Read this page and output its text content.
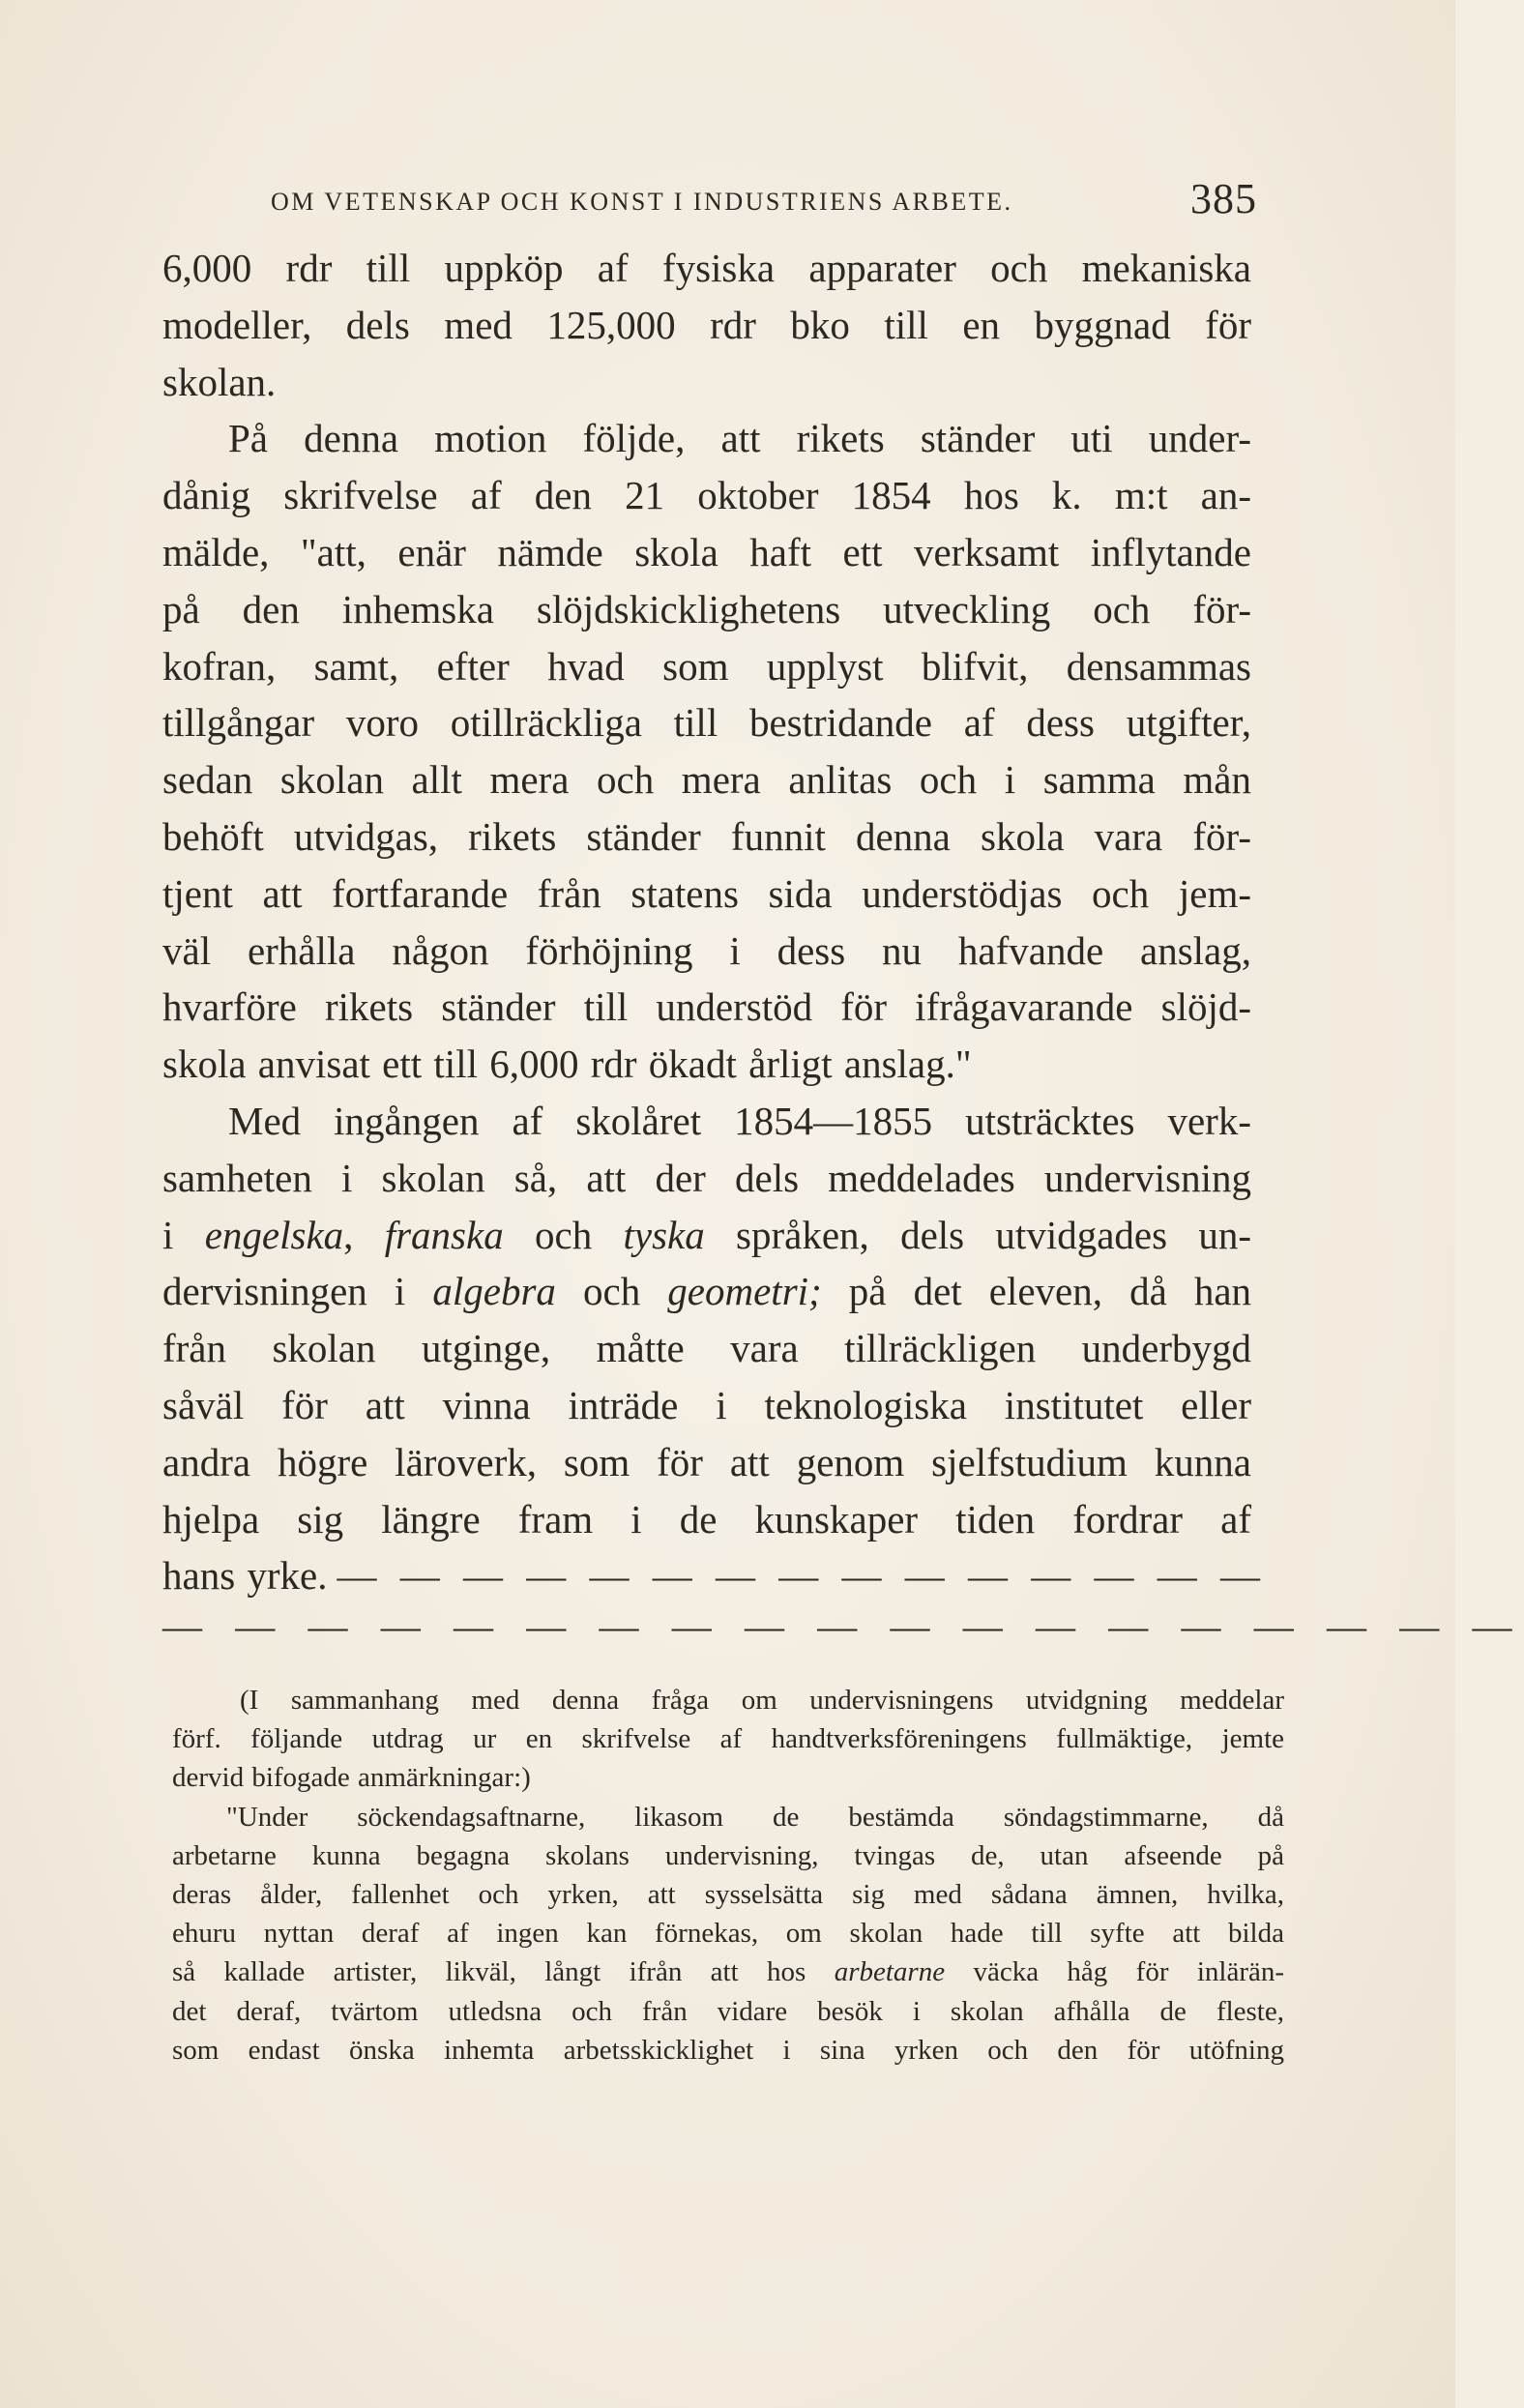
OM VETENSKAP OCH KONST I INDUSTRIENS ARBETE.	385
6,000 rdr till uppköp af fysiska apparater och mekaniska
modeller, dels med 125,000 rdr bko till en byggnad för
skolan.
På denna motion följde, att rikets ständer uti under-
dånig skrifvelse af den 21 oktober 1854 hos k. m:t an-
mälde, "att, enär nämde skola haft ett verksamt inflytande
på den inhemska slöjdskicklighetens utveckling och för-
kofran, samt, efter hvad som upplyst blifvit, densammas
tillgångar voro otillräckliga till bestridande af dess utgifter,
sedan skolan allt mera och mera anlitas och i samma mån
behöft utvidgas, rikets ständer funnit denna skola vara för-
tjent att fortfarande från statens sida understödjas och jem-
väl erhålla någon förhöjning i dess nu hafvande anslag,
hvarföre rikets ständer till understöd för ifrågavarande slöjd-
skola anvisat ett till 6,000 rdr ökadt årligt anslag."
Med ingången af skolåret 1854—1855 utsträcktes verk-
samheten i skolan så, att der dels meddelades undervisning
i engelska, franska och tyska språken, dels utvidgades un-
dervisningen i algebra och geometri; på det eleven, då han
från skolan utginge, måtte vara tillräckligen underbygd
såväl för att vinna inträde i teknologiska institutet eller
andra högre läroverk, som för att genom sjelfstudium kunna
hjelpa sig längre fram i de kunskaper tiden fordrar af
hans yrke. — — — — — — — — — — — — — — —
— — — — — — — — — — — — — — — — — — —
(I sammanhang med denna fråga om undervisningens utvidgning meddelar
förf. följande utdrag ur en skrifvelse af handtverksföreningens fullmäktige, jemte
dervid bifogade anmärkningar:)
"Under söckendagsaftnarne, likasom de bestämda söndagstimmarne, då
arbetarne kunna begagna skolans undervisning, tvingas de, utan afseende på
deras ålder, fallenhet och yrken, att sysselsätta sig med sådana ämnen, hvilka,
ehuru nyttan deraf af ingen kan förnekas, om skolan hade till syfte att bilda
så kallade artister, likväl, långt ifrån att hos arbetarne väcka håg för inlärän-
det deraf, tvärtom utledsna och från vidare besök i skolan afhålla de fleste,
som endast önska inhemta arbetsskicklighet i sina yrken och den för utöfning
